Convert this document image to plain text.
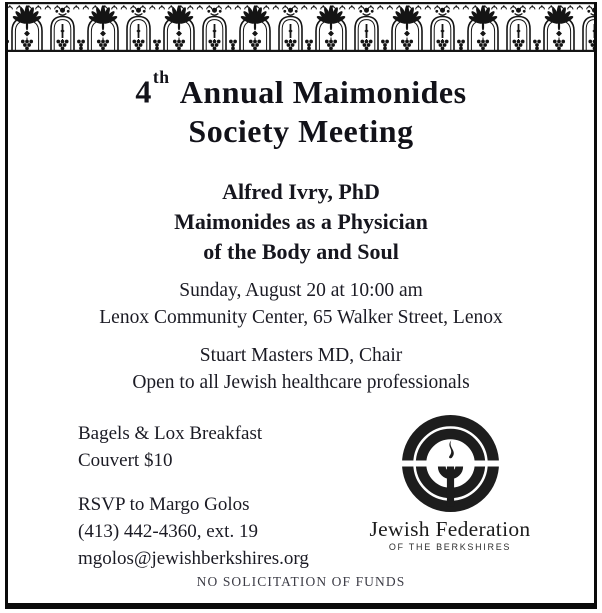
4th Annual Maimonides
Society Meeting
Alfred Ivry, PhD
Maimonides as a Physician
of the Body and Soul
Sunday, August 20 at 10:00 am
Lenox Community Center, 65 Walker Street, Lenox
Stuart Masters MD, Chair
Open to all Jewish healthcare professionals
Bagels & Lox Breakfast
Couvert $10
RSVP to Margo Golos
(413) 442-4360, ext. 19
mgolos@jewishberkshires.org
Jewish Federation
OF THE BERKSHIRES
NO SOLICITATION OF FUNDS
